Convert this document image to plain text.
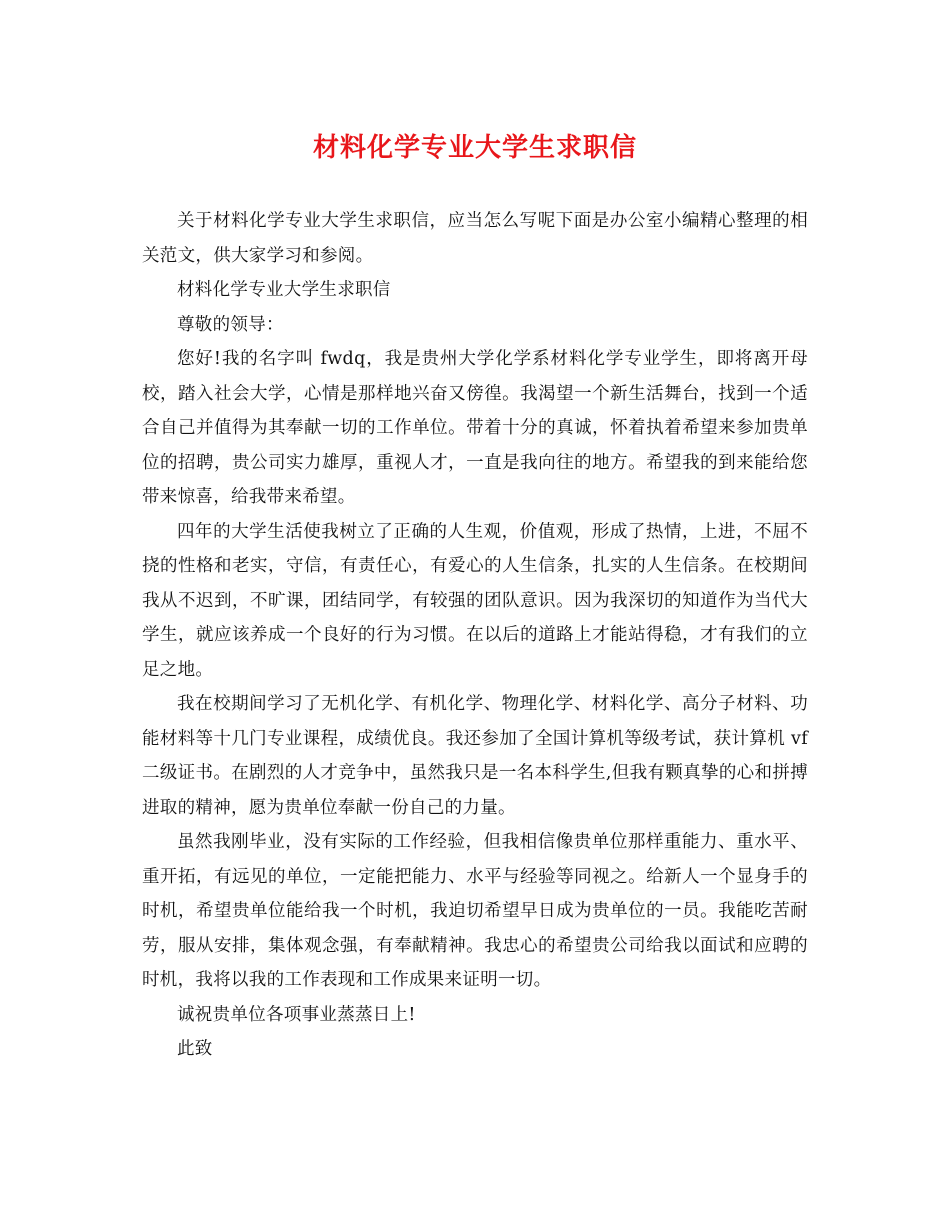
材料化学专业大学生求职信

关于材料化学专业大学生求职信，应当怎么写呢下面是办公室小编精心整理的相关范文，供大家学习和参阅。

材料化学专业大学生求职信

尊敬的领导：

您好!我的名字叫 fwdq，我是贵州大学化学系材料化学专业学生，即将离开母校，踏入社会大学，心情是那样地兴奋又傍徨。我渴望一个新生活舞台，找到一个适合自己并值得为其奉献一切的工作单位。带着十分的真诚，怀着执着希望来参加贵单位的招聘，贵公司实力雄厚，重视人才，一直是我向往的地方。希望我的到来能给您带来惊喜，给我带来希望。

四年的大学生活使我树立了正确的人生观，价值观，形成了热情，上进，不屈不挠的性格和老实，守信，有责任心，有爱心的人生信条，扎实的人生信条。在校期间我从不迟到，不旷课，团结同学，有较强的团队意识。因为我深切的知道作为当代大学生，就应该养成一个良好的行为习惯。在以后的道路上才能站得稳，才有我们的立足之地。

我在校期间学习了无机化学、有机化学、物理化学、材料化学、高分子材料、功能材料等十几门专业课程，成绩优良。我还参加了全国计算机等级考试，获计算机 vf 二级证书。在剧烈的人才竞争中，虽然我只是一名本科学生,但我有颗真挚的心和拼搏进取的精神，愿为贵单位奉献一份自己的力量。

虽然我刚毕业，没有实际的工作经验，但我相信像贵单位那样重能力、重水平、重开拓，有远见的单位，一定能把能力、水平与经验等同视之。给新人一个显身手的时机，希望贵单位能给我一个时机，我迫切希望早日成为贵单位的一员。我能吃苦耐劳，服从安排，集体观念强，有奉献精神。我忠心的希望贵公司给我以面试和应聘的时机，我将以我的工作表现和工作成果来证明一切。

诚祝贵单位各项事业蒸蒸日上!

此致
